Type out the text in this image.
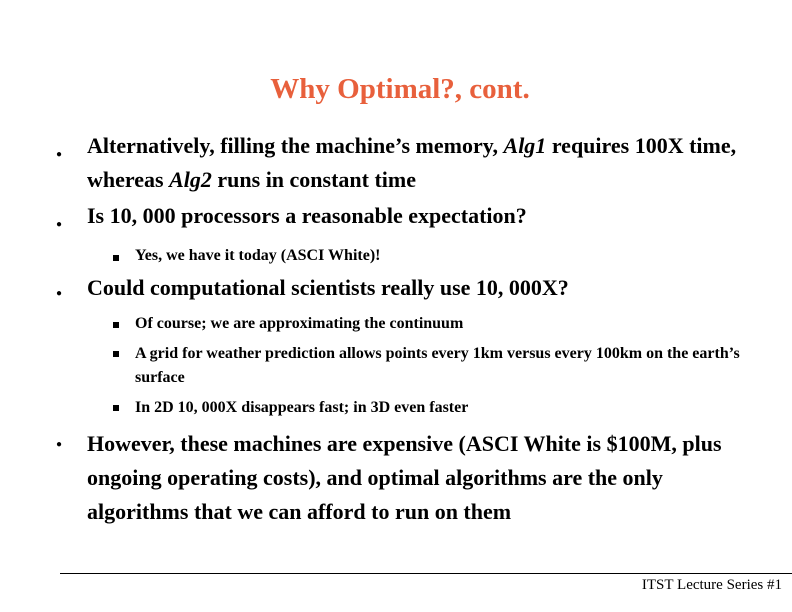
Why Optimal?, cont.
● Alternatively, filling the machine’s memory, Alg1 requires 100X time, whereas Alg2 runs in constant time
● Is 10, 000 processors a reasonable expectation?
Yes, we have it today (ASCI White)!
● Could computational scientists really use 10, 000X?
Of course; we are approximating the continuum
A grid for weather prediction allows points every 1km versus every 100km on the earth’s surface
In 2D 10, 000X disappears fast; in 3D even faster
● However, these machines are expensive (ASCI White is $100M, plus ongoing operating costs), and optimal algorithms are the only algorithms that we can afford to run on them
ITST Lecture Series #1
